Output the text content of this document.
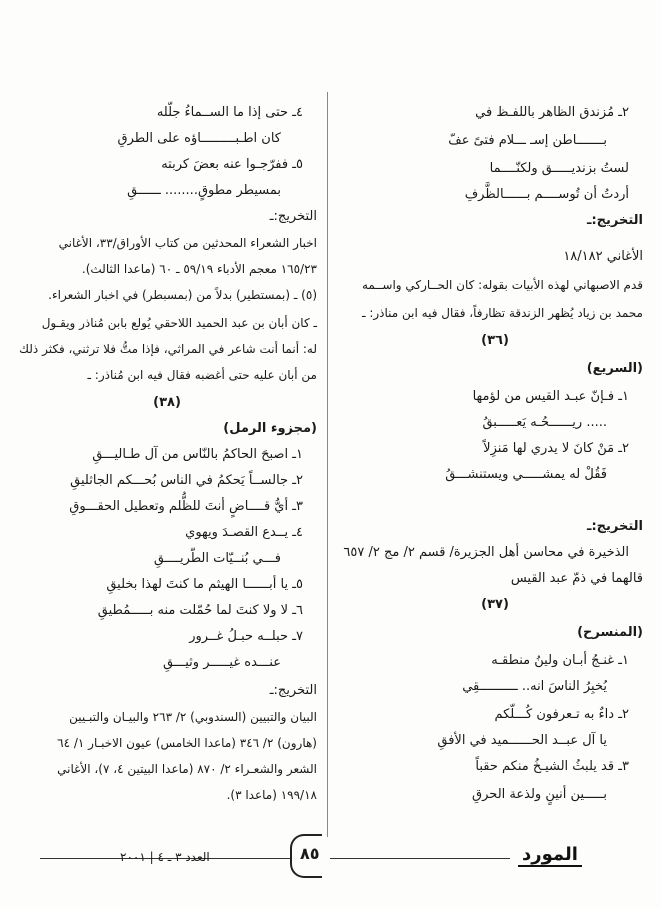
٢ـ مُزندق الظاهر باللفـظ في
بـــــــاطن إسـ ـــلام فتىً عفّ
لستُ بزنديـــــق ولكنّــــما
أردتُ أن تُوســــم بــــــالظَّرفِ
التخريج:ـ
الأغاني ١٨/١٨٢
قدم الاصبهاني لهذه الأبيات بقوله: كان الحــاركي واســمه
محمد بن زياد يُظهر الزندقة تظارفاً، فقال فيه ابن مناذر: ـ
(٣٦)
(السريع)
١ـ فـإنّ عبـد القيس من لؤمها
..... ريــــــحُـه يَعـــــبقُ
٢ـ مَنْ كانَ لا يدري لها مَنزِلاً
فَقُلْ له يمشـــــي ويستنشـــقُ
التخريج:ـ
الذخيرة في محاسن أهل الجزيرة/ قسم ٢/ مج ٢/ ٦٥٧
قالهما في ذمّ عبد القيس
(٣٧)
(المنسرح)
١ـ غنـجُ أبـان ولينُ منطقـه
يُخبِرُ الناسَ انه.. ــــــــــقِي
٢ـ داءٌ به تـعرفون كُـــلّكم
يا آل عبــد الحــــــميد في الأفقِ
٣ـ قد يلبثُ الشيـخُ منكم حقباً
بـــــين أنينٍ ولذعة الحرقِ
٤ـ حتى إذا ما الســماءُ جلّله
كان اطـبـــــــــاؤه على الطرقِ
٥ـ ففرّجـوا عنه بعضَ كربته
بمسيطر مطوقٍ........ ــــــقِ
التخريج:ـ
اخبار الشعراء المحدثين من كتاب الأوراق/٣٣، الأغاني
١٦٥/٢٣ معجم الأدباء ٥٩/١٩ ـ ٦٠ (ماعدا الثالث).
(٥) ـ (بمستطير) بدلاً من (بمسبطر) في اخبار الشعراء.
ـ كان أبان بن عبد الحميد اللاحقي يُولع بابن مُناذر ويقـول
له: أنما أنت شاعر في المراثي، فإذا متُّ فلا ترثني، فكثر ذلك
من أبان عليه حتى أغضبه فقال فيه ابن مُناذر: ـ
(٣٨)
(مجزوء الرمل)
١ـ اصبحَ الحاكمُ بالنّاس من آل طـاليـــقِ
٢ـ جالســاً يَحكمُ في الناس بُحـــكم الجاثليقِ
٣ـ أيُّ قــــاضٍ أنتَ للظُّلم وتعطيل الحقـــوقِ
٤ـ يــدع القصـدَ ويهوي
فـــي بُنــيّات الطّريــــقِ
٥ـ يا أبــــــا الهيثم ما كنتَ لهذا بخليقِ
٦ـ لا ولا كنتَ لما حُمّلت منه بـــــمُطيقِ
٧ـ حبلــه حبـلُ غــرور
عنـــده غيـــــر وثيـــقِ
التخريج:ـ
البيان والتبيين (السندوبي) ٢/ ٢٦٣ والبيـان والتبـيين
(هارون) ٢/ ٣٤٦ (ماعدا الخامس) عيون الاخبـار ١/ ٦٤
الشعر والشعـراء ٢/ ٨٧٠ (ماعدا البيتين ٤، ٧)، الأغاني
١٩٩/١٨ (ماعدا ٣).
العدد ٣ ـ ٤ | ٢٠٠١	٨٥	المورد
